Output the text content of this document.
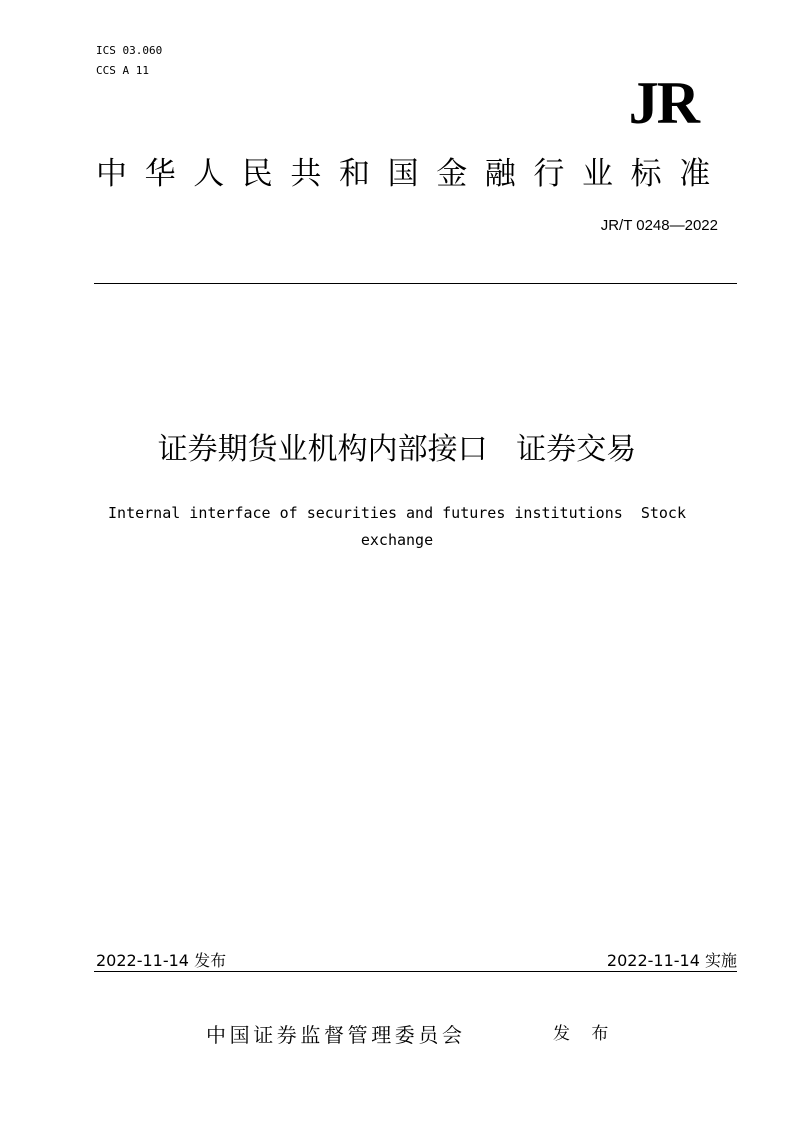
ICS 03.060
CCS A 11	JR
中华人民共和国金融行业标准
JR/T 0248—2022
证券期货业机构内部接口   证券交易
Internal interface of securities and futures institutions  Stock exchange
2022-11-14 发布	2022-11-14 实施
中国证券监督管理委员会	发 布
